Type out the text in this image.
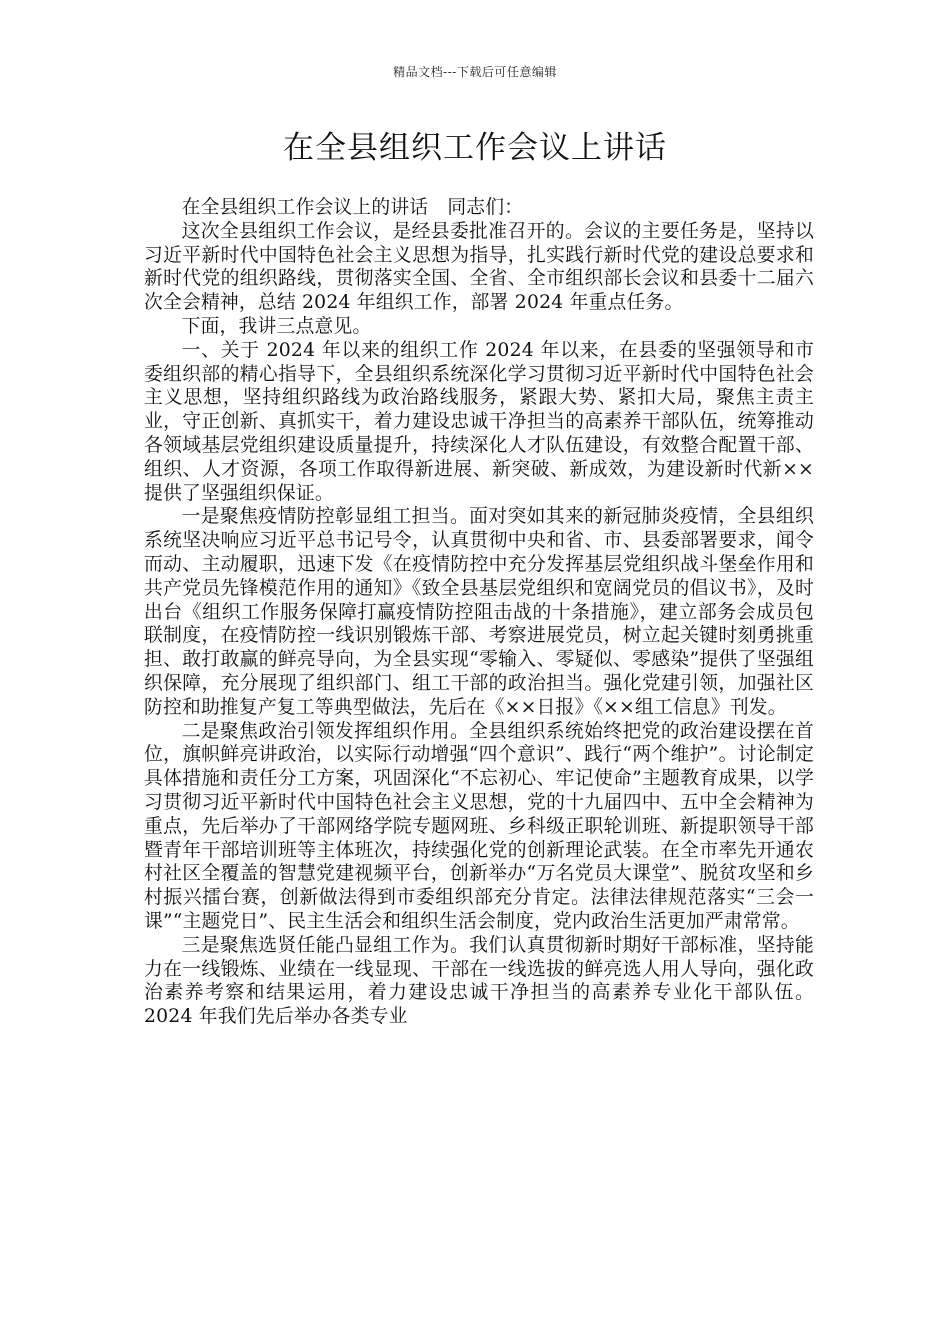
精品文档---下载后可任意编辑
在全县组织工作会议上讲话

在全县组织工作会议上的讲话　同志们：

这次全县组织工作会议，是经县委批准召开的。会议的主要任务是，坚持以习近平新时代中国特色社会主义思想为指导，扎实践行新时代党的建设总要求和新时代党的组织路线，贯彻落实全国、全省、全市组织部长会议和县委十二届六次全会精神，总结 2024 年组织工作，部署 2024 年重点任务。

下面，我讲三点意见。

一、关于 2024 年以来的组织工作 2024 年以来，在县委的坚强领导和市委组织部的精心指导下，全县组织系统深化学习贯彻习近平新时代中国特色社会主义思想，坚持组织路线为政治路线服务，紧跟大势、紧扣大局，聚焦主责主业，守正创新、真抓实干，着力建设忠诚干净担当的高素养干部队伍，统筹推动各领域基层党组织建设质量提升，持续深化人才队伍建设，有效整合配置干部、组织、人才资源，各项工作取得新进展、新突破、新成效，为建设新时代新××提供了坚强组织保证。

一是聚焦疫情防控彰显组工担当。面对突如其来的新冠肺炎疫情，全县组织系统坚决响应习近平总书记号令，认真贯彻中央和省、市、县委部署要求，闻令而动、主动履职，迅速下发《在疫情防控中充分发挥基层党组织战斗堡垒作用和共产党员先锋模范作用的通知》《致全县基层党组织和宽阔党员的倡议书》，及时出台《组织工作服务保障打赢疫情防控阻击战的十条措施》，建立部务会成员包联制度，在疫情防控一线识别锻炼干部、考察进展党员，树立起关键时刻勇挑重担、敢打敢赢的鲜亮导向，为全县实现“零输入、零疑似、零感染”提供了坚强组织保障，充分展现了组织部门、组工干部的政治担当。强化党建引领，加强社区防控和助推复产复工等典型做法，先后在《××日报》《××组工信息》刊发。

二是聚焦政治引领发挥组织作用。全县组织系统始终把党的政治建设摆在首位，旗帜鲜亮讲政治，以实际行动增强“四个意识”、践行“两个维护”。讨论制定具体措施和责任分工方案，巩固深化“不忘初心、牢记使命”主题教育成果，以学习贯彻习近平新时代中国特色社会主义思想，党的十九届四中、五中全会精神为重点，先后举办了干部网络学院专题网班、乡科级正职轮训班、新提职领导干部暨青年干部培训班等主体班次，持续强化党的创新理论武装。在全市率先开通农村社区全覆盖的智慧党建视频平台，创新举办“万名党员大课堂”、脱贫攻坚和乡村振兴擂台赛，创新做法得到市委组织部充分肯定。法律法律规范落实“三会一课”“主题党日”、民主生活会和组织生活会制度，党内政治生活更加严肃常常。

三是聚焦选贤任能凸显组工作为。我们认真贯彻新时期好干部标准，坚持能力在一线锻炼、业绩在一线显现、干部在一线选拔的鲜亮选人用人导向，强化政治素养考察和结果运用，着力建设忠诚干净担当的高素养专业化干部队伍。2024 年我们先后举办各类专业
